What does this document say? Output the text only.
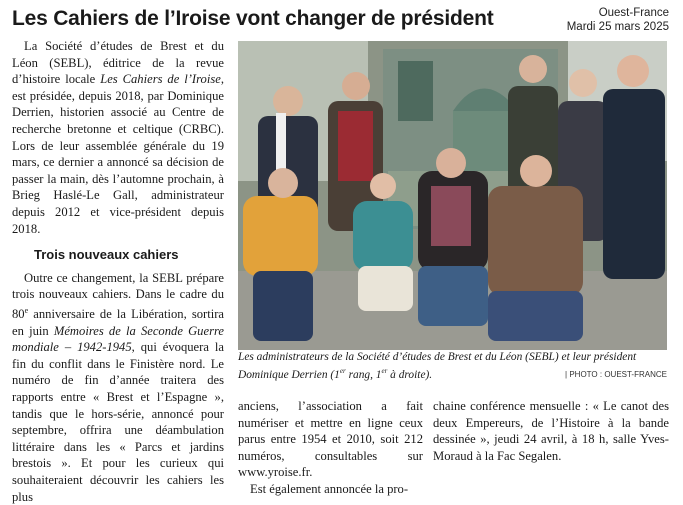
Les Cahiers de l’Iroise vont changer de président	Ouest-France
Mardi 25 mars 2025

La Société d’études de Brest et du Léon (SEBL), éditrice de la revue d’histoire locale Les Cahiers de l’Iroise, est présidée, depuis 2018, par Dominique Derrien, historien associé au Centre de recherche bretonne et celtique (CRBC). Lors de leur assemblée générale du 19 mars, ce dernier a annoncé sa décision de passer la main, dès l’automne prochain, à Brieg Haslé-Le Gall, administrateur depuis 2012 et vice-président depuis 2018.

Trois nouveaux cahiers

Outre ce changement, la SEBL prépare trois nouveaux cahiers. Dans le cadre du 80e anniversaire de la Libération, sortira en juin Mémoires de la Seconde Guerre mondiale – 1942-1945, qui évoquera la fin du conflit dans le Finistère nord. Le numéro de fin d’année traitera des rapports entre « Brest et l’Espagne », tandis que le hors-série, annoncé pour septembre, offrira une déambulation littéraire dans les « Parcs et jardins brestois ». Et pour les curieux qui souhaiteraient découvrir les cahiers les plus

Les administrateurs de la Société d’études de Brest et du Léon (SEBL) et leur président Dominique Derrien (1er rang, 1er à droite).	| PHOTO : OUEST-FRANCE

anciens, l’association a fait numériser et mettre en ligne ceux parus entre 1954 et 2010, soit 212 numéros, consultables sur www.yroise.fr.

Est également annoncée la pro-

chaine conférence mensuelle : « Le canot des deux Empereurs, de l’Histoire à la bande dessinée », jeudi 24 avril, à 18 h, salle Yves-Moraud à la Fac Segalen.
